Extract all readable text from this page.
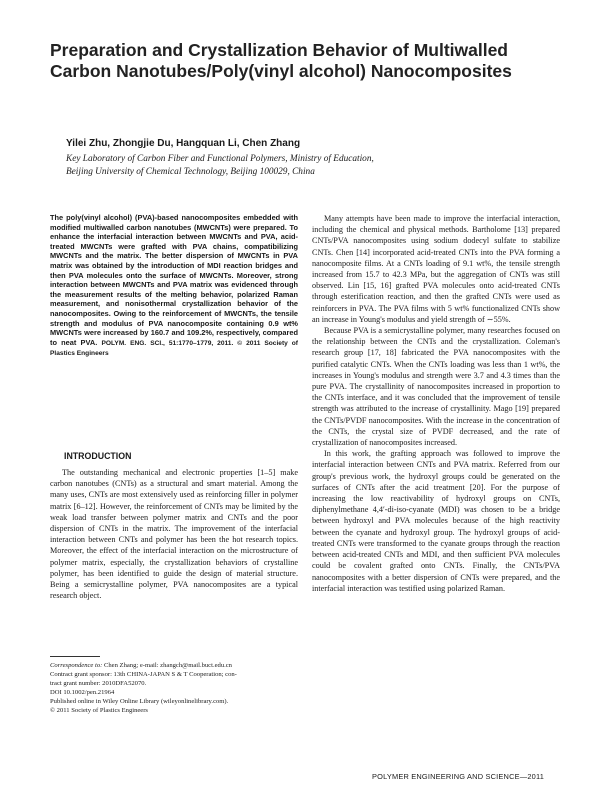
Preparation and Crystallization Behavior of Multiwalled
Carbon Nanotubes/Poly(vinyl alcohol) Nanocomposites
Yilei Zhu, Zhongjie Du, Hangquan Li, Chen Zhang
Key Laboratory of Carbon Fiber and Functional Polymers, Ministry of Education,
Beijing University of Chemical Technology, Beijing 100029, China
The poly(vinyl alcohol) (PVA)-based nanocomposites embedded with modified multiwalled carbon nanotubes (MWCNTs) were prepared. To enhance the interfacial interaction between MWCNTs and PVA, acid-treated MWCNTs were grafted with PVA chains, compatibilizing MWCNTs and the matrix. The better dispersion of MWCNTs in PVA matrix was obtained by the introduction of MDI reaction bridges and then PVA molecules onto the surface of MWCNTs. Moreover, strong interaction between MWCNTs and PVA matrix was evidenced through the measurement results of the melting behavior, polarized Raman measurement, and nonisothermal crystallization behavior of the nanocomposites. Owing to the reinforcement of MWCNTs, the tensile strength and modulus of PVA nanocomposite containing 0.9 wt% MWCNTs were increased by 160.7 and 109.2%, respectively, compared to neat PVA. POLYM. ENG. SCI., 51:1770–1779, 2011. © 2011 Society of Plastics Engineers
INTRODUCTION

The outstanding mechanical and electronic properties [1–5] make carbon nanotubes (CNTs) as a structural and smart material. Among the many uses, CNTs are most extensively used as reinforcing filler in polymer matrix [6–12]. However, the reinforcement of CNTs may be limited by the weak load transfer between polymer matrix and CNTs and the poor dispersion of CNTs in the matrix. The improvement of the interfacial interaction between CNTs and polymer has been the hot research topics. Moreover, the effect of the interfacial interaction on the microstructure of polymer matrix, especially, the crystallization behaviors of crystalline polymer, has been identified to guide the design of material structure. Being a semicrystalline polymer, PVA nanocomposites are a typical research object.

Correspondence to: Chen Zhang; e-mail: zhangch@mail.buct.edu.cn
Contract grant sponsor: 13th CHINA-JAPAN S & T Cooperation; con-
tract grant number: 2010DFA52070.
DOI 10.1002/pen.21964
Published online in Wiley Online Library (wileyonlinelibrary.com).
© 2011 Society of Plastics Engineers

Many attempts have been made to improve the interfacial interaction, including the chemical and physical methods. Bartholome [13] prepared CNTs/PVA nanocomposites using sodium dodecyl sulfate to stabilize CNTs. Chen [14] incorporated acid-treated CNTs into the PVA forming a nanocomposite films. At a CNTs loading of 9.1 wt%, the tensile strength increased from 15.7 to 42.3 MPa, but the aggregation of CNTs was still observed. Lin [15, 16] grafted PVA molecules onto acid-treated CNTs through esterification reaction, and then the grafted CNTs were used as reinforcers in PVA. The PVA films with 5 wt% functionalized CNTs show an increase in Young's modulus and yield strength of ∼55%.

Because PVA is a semicrystalline polymer, many researches focused on the relationship between the CNTs and the crystallization. Coleman's research group [17, 18] fabricated the PVA nanocomposites with the purified catalytic CNTs. When the CNTs loading was less than 1 wt%, the increases in Young's modulus and strength were 3.7 and 4.3 times than the pure PVA. The crystallinity of nanocomposites increased in proportion to the CNTs interface, and it was concluded that the improvement of tensile strength was attributed to the increase of crystallinity. Mago [19] prepared the CNTs/PVDF nanocomposites. With the increase in the concentration of the CNTs, the crystal size of PVDF decreased, and the rate of crystallization of nanocomposites increased.

In this work, the grafting approach was followed to improve the interfacial interaction between CNTs and PVA matrix. Referred from our group's previous work, the hydroxyl groups could be generated on the surfaces of CNTs after the acid treatment [20]. For the purpose of increasing the low reactivability of hydroxyl groups on CNTs, diphenylmethane 4,4′-di-iso-cyanate (MDI) was chosen to be a bridge between hydroxyl and PVA molecules because of the high reactivity between the cyanate and hydroxyl group. The hydroxyl groups of acid-treated CNTs were transformed to the cyanate groups through the reaction between acid-treated CNTs and MDI, and then sufficient PVA molecules could be covalent grafted onto CNTs. Finally, the CNTs/PVA nanocomposites with a better dispersion of CNTs were prepared, and the interfacial interaction was testified using polarized Raman.

POLYMER ENGINEERING AND SCIENCE—2011
